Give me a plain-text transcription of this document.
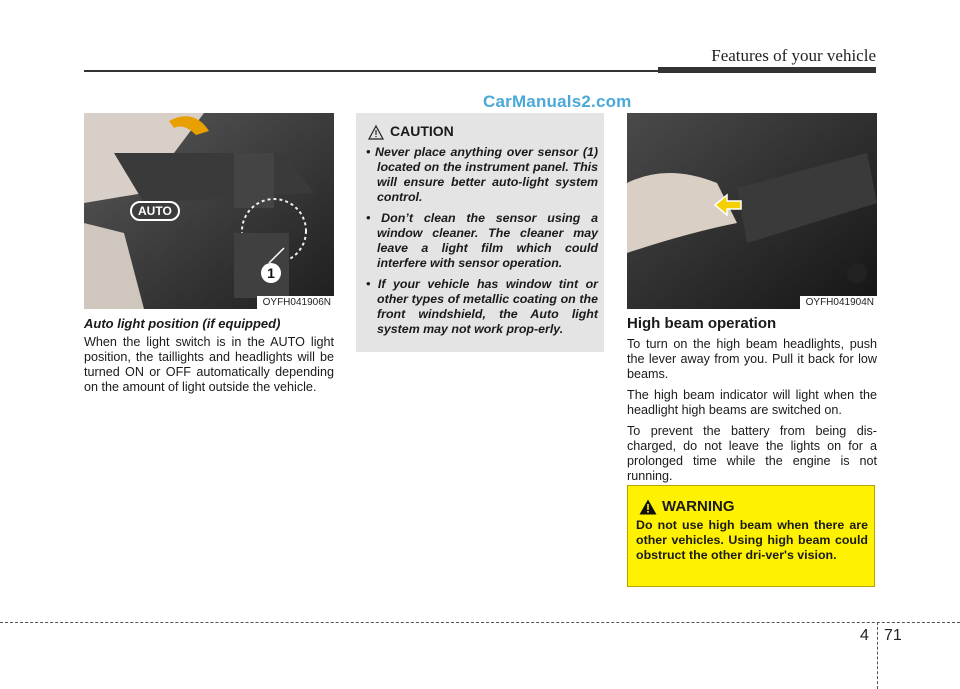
Features of your vehicle
CarManuals2.com
AUTO
1
OYFH041906N
Auto light position (if equipped)

When the light switch is in the AUTO light position, the taillights and headlights will be turned ON or OFF automatically depending on the amount of light outside the vehicle.

CAUTION
• Never place anything over sensor (1) located on the instrument panel. This will ensure better auto-light system control.
• Don’t clean the sensor using a window cleaner. The cleaner may leave a light film which could interfere with sensor operation.
• If your vehicle has window tint or other types of metallic coating on the front windshield, the Auto light system may not work prop-erly.
OYFH041904N
High beam operation

To turn on the high beam headlights, push the lever away from you. Pull it back for low beams.

The high beam indicator will light when the headlight high beams are switched on.

To prevent the battery from being dis-charged, do not leave the lights on for a prolonged time while the engine is not running.

WARNING
Do not use high beam when there are other vehicles. Using high beam could obstruct the other dri-ver's vision.
4 71
